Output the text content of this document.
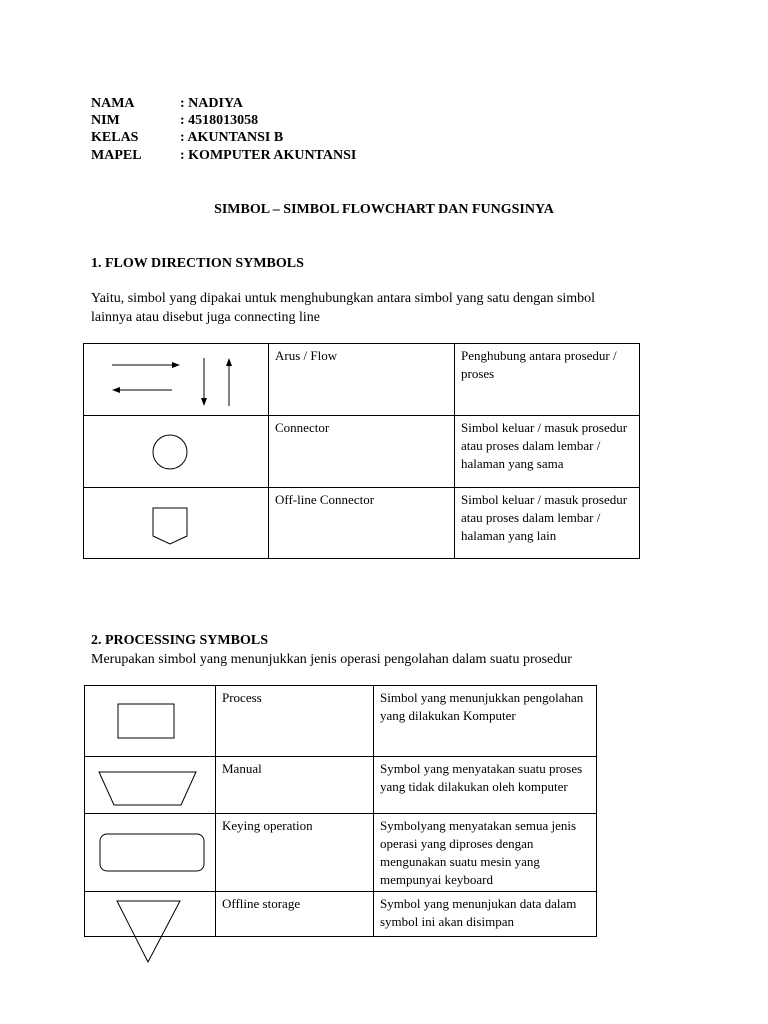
NAMA	: NADIYA
NIM	: 4518013058
KELAS	: AKUNTANSI B
MAPEL	: KOMPUTER AKUNTANSI
SIMBOL – SIMBOL FLOWCHART DAN FUNGSINYA
1. FLOW DIRECTION SYMBOLS
Yaitu, simbol yang dipakai untuk menghubungkan antara simbol yang satu dengan simbol
lainnya atau disebut juga connecting line
	Arus / Flow	Penghubung antara prosedur / proses

	Connector	Simbol keluar / masuk prosedur atau proses dalam lembar / halaman yang sama

	Off-line Connector	Simbol keluar / masuk prosedur atau proses dalam lembar / halaman yang lain
2. PROCESSING SYMBOLS
Merupakan simbol yang menunjukkan jenis operasi pengolahan dalam suatu prosedur
	Process	Simbol yang menunjukkan pengolahan yang dilakukan Komputer

	Manual	Symbol yang menyatakan suatu proses yang tidak dilakukan oleh komputer

	Keying operation	Symbolyang menyatakan semua jenis operasi yang diproses dengan mengunakan suatu mesin yang mempunyai keyboard

	Offline storage	Symbol yang menunjukan data dalam symbol ini akan disimpan
